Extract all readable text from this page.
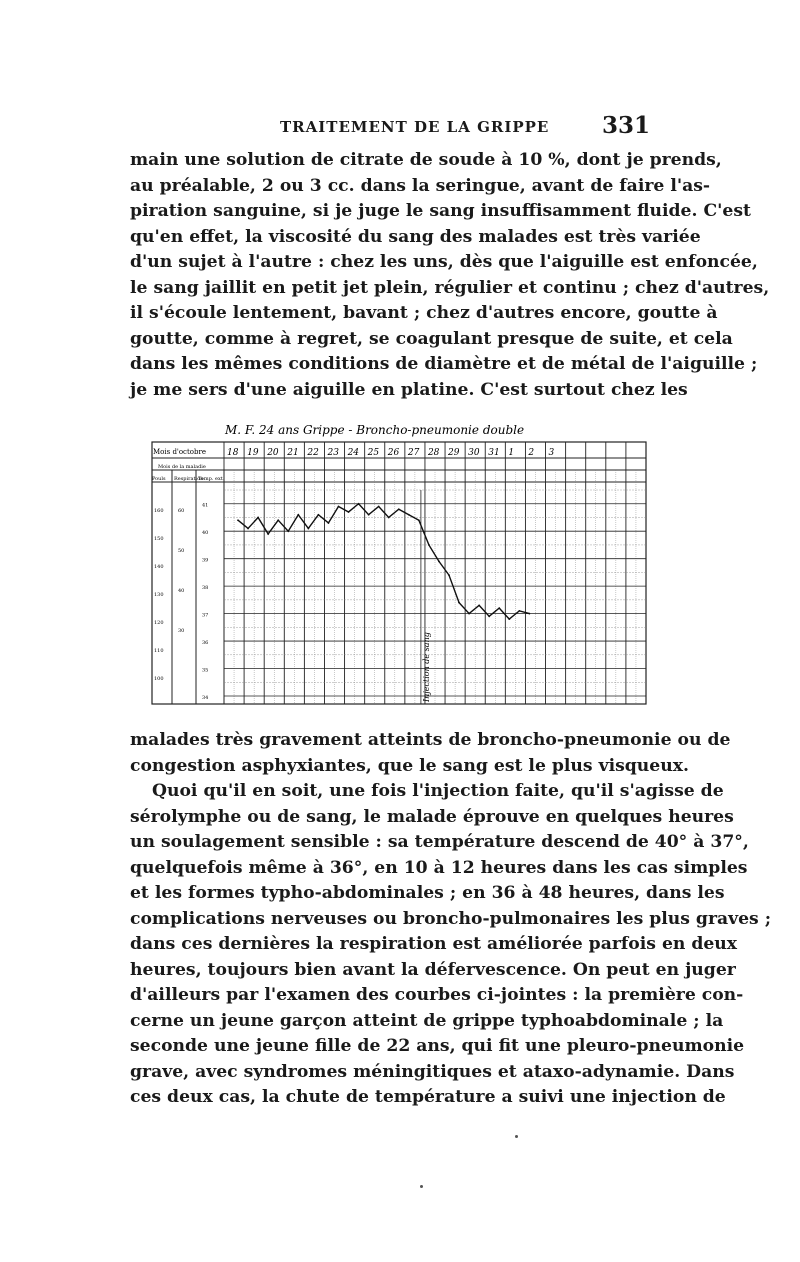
TRAITEMENT DE LA GRIPPE 331
main une solution de citrate de soude à 10 %, dont je prends,
au préalable, 2 ou 3 cc. dans la seringue, avant de faire l'as-
piration sanguine, si je juge le sang insuffisamment fluide. C'est
qu'en effet, la viscosité du sang des malades est très variée
d'un sujet à l'autre : chez les uns, dès que l'aiguille est enfoncée,
le sang jaillit en petit jet plein, régulier et continu ; chez d'autres,
il s'écoule lentement, bavant ; chez d'autres encore, goutte à
goutte, comme à regret, se coagulant presque de suite, et cela
dans les mêmes conditions de diamètre et de métal de l'aiguille ;
je me sers d'une aiguille en platine. C'est surtout chez les
M. F. 24 ans Grippe - Broncho-pneumonie double
Mois d'octobre
Mois de la maladie
Pouls Respiration
Temp. ext.
18 19 20 21 22 23 24 25 26 27 28 29 30 31 1 2 3
41
40
39
38
37
36
35
34
160
150
140
130
120
110
100
60
50
40
30
Injection de sang
malades très gravement atteints de broncho-pneumonie ou de
congestion asphyxiantes, que le sang est le plus visqueux.
Quoi qu'il en soit, une fois l'injection faite, qu'il s'agisse de
sérolymphe ou de sang, le malade éprouve en quelques heures
un soulagement sensible : sa température descend de 40° à 37°,
quelquefois même à 36°, en 10 à 12 heures dans les cas simples
et les formes typho-abdominales ; en 36 à 48 heures, dans les
complications nerveuses ou broncho-pulmonaires les plus graves ;
dans ces dernières la respiration est améliorée parfois en deux
heures, toujours bien avant la défervescence. On peut en juger
d'ailleurs par l'examen des courbes ci-jointes : la première con-
cerne un jeune garçon atteint de grippe typhoabdominale ; la
seconde une jeune fille de 22 ans, qui fit une pleuro-pneumonie
grave, avec syndromes méningitiques et ataxo-adynamie. Dans
ces deux cas, la chute de température a suivi une injection de
